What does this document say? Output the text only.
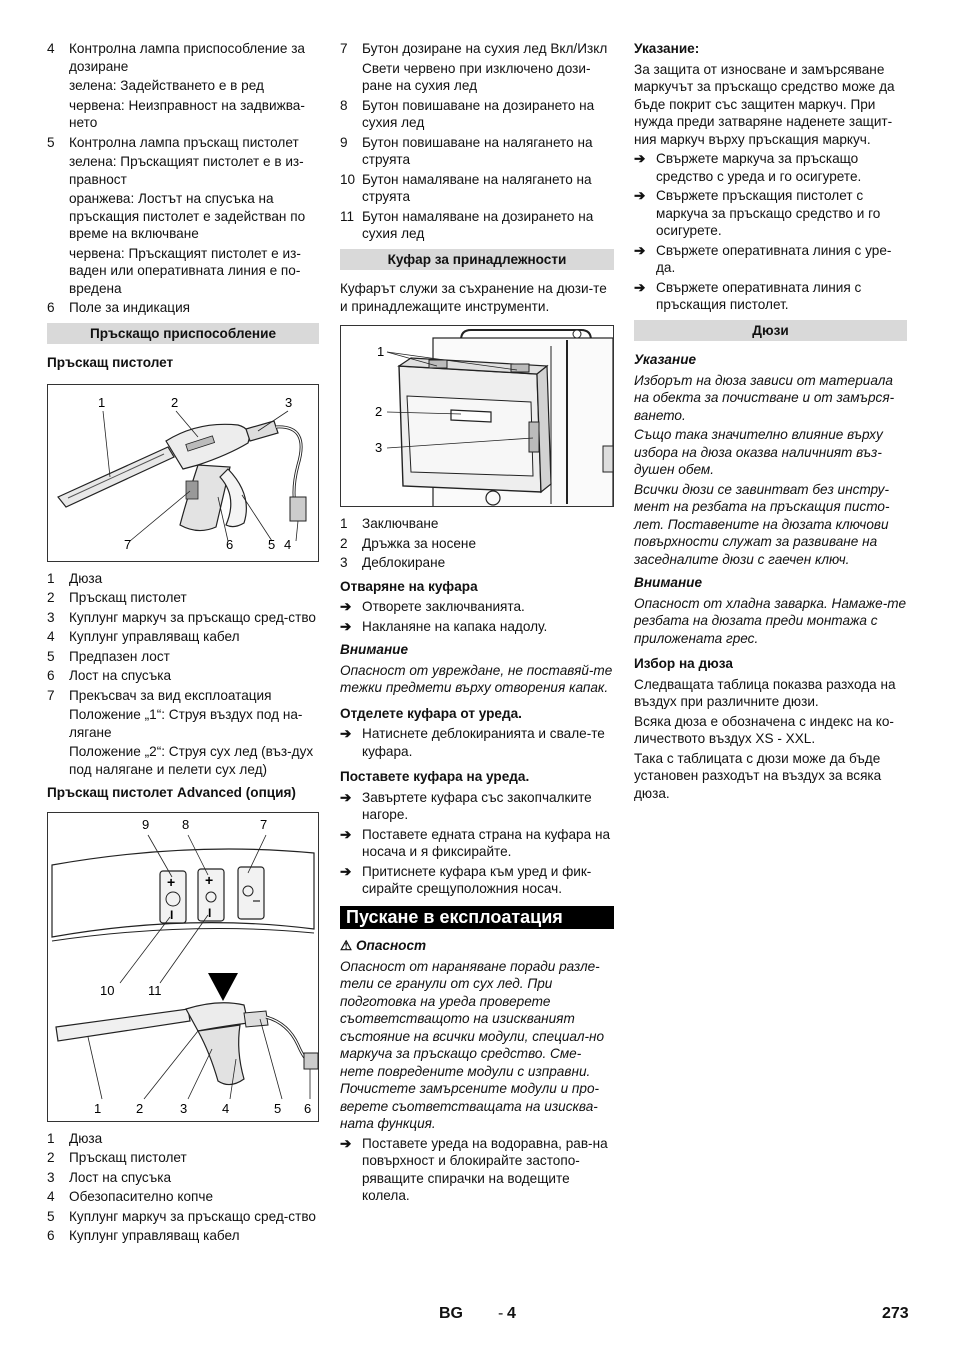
4	Контролна лампа приспособление за дозиране
зелена: Задействането е в ред
червена: Неизправност на задвижва-нето
5	Контролна лампа пръскащ пистолет
зелена: Пръскащият пистолет е в из-правност
оранжева: Лостът на спусъка на пръскащия пистолет е задействан по време на включване
червена: Пръскащият пистолет е из-ваден или оперативната линия е по-вредена
6	Поле за индикация
Пръскащо приспособление
Пръскащ пистолет
1	2	3
4
5
6
7
1	Дюза
2	Пръскащ пистолет
3	Куплунг маркуч за пръскащо сред-ство
4	Куплунг управляващ кабел
5	Предпазен лост
6	Лост на спусъка
7	Прекъсвач за вид експлоатация
Положение „1“: Струя въздух под на-лягане
Положение „2“: Струя сух лед (въз-дух под налягане и пелети сух лед)
Пръскащ пистолет Advanced (опция)
+ +
I	I
9	8	7
10	11
1	2	3	4	5 6
1	Дюза
2	Пръскащ пистолет
3	Лост на спусъка
4	Обезопасително копче
5	Куплунг маркуч за пръскащо сред-ство
6	Куплунг управляващ кабел
7	Бутон дозиране на сухия лед Вкл/Изкл
Свети червено при изключено дози-ране на сухия лед
8	Бутон повишаване на дозирането на сухия лед
9	Бутон повишаване на налягането на струята
10 Бутон намаляване на налягането на струята
11 Бутон намаляване на дозирането на сухия лед
Куфар за принадлежности
Куфарът служи за съхранение на дюзи-те и принадлежащите инструменти.
1
2
3
1	Заключване
2	Дръжка за носене
3	Деблокиране
Отваряне на куфара
➔ Отворете заключванията.
➔ Накланяне на капака надолу.
Внимание
Опасност от увреждане, не поставяй-те тежки предмети върху отворения капак.
Отделете куфара от уреда.
➔ Натиснете деблокиранията и свале-те куфара.
Поставете куфара на уреда.
➔ Завъртете куфара със закопчалките нагоре.
➔ Поставете едната страна на куфара на носача и я фиксирайте.
➔ Притиснете куфара към уред и фик-сирайте срещуположния носач.
Пускане в експлоатация
⚠ Опасност
Опасност от нараняване поради разле-тели се гранули от сух лед. При подготовка на уреда проверете съответстващото на изискваният състояние на всички модули, специал-но маркуча за пръскащо средство. Сме-нете повредените модули с изправни. Почистете замърсените модули и про-верете съответстващата на изисква-ната функция.
➔ Поставете уреда на водоравна, рав-на повърхност и блокирайте застопо-ряващите спирачки на водещите колела.
Указание:
За защита от износване и замърсяване маркучът за пръскащо средство може да бъде покрит със защитен маркуч. При нужда преди затваряне наденете защит-ния маркуч върху пръскащия маркуч.
➔ Свържете маркуча за пръскащо средство с уреда и го осигурете.
➔ Свържете пръскащия пистолет с маркуча за пръскащо средство и го осигурете.
➔ Свържете оперативната линия с уре-да.
➔ Свържете оперативната линия с пръскащия пистолет.
Дюзи
Указание
Изборът на дюза зависи от материала на обекта за почистване и от замърся-ването.
Също така значително влияние върху избора на дюза оказва наличният въз-душен обем.
Всички дюзи се завинтват без инстру-мент на резбата на пръскащия писто-лет. Поставените на дюзата ключови повърхности служат за развиване на заседналите дюзи с гаечен ключ.
Внимание
Опасност от хладна заварка. Намаже-те резбата на дюзата преди монтажа с приложената грес.
Избор на дюза
Следващата таблица показва разхода на въздух при различните дюзи.
Всяка дюза е обозначена с индекс на ко-личеството въздух XS - XXL.
Така с таблицата с дюзи може да бъде установен разходът на въздух за всяка дюза.
BG - 4	273
